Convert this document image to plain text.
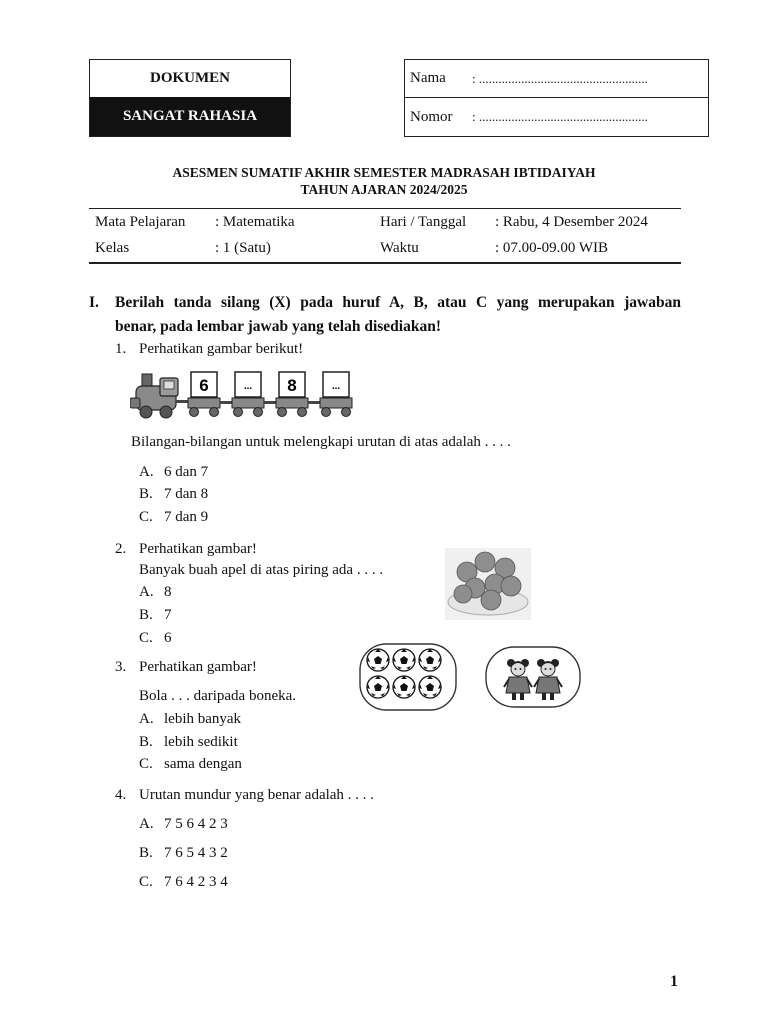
DOKUMEN
SANGAT RAHASIA
Nama	: ....................................................
Nomor	: ....................................................
ASESMEN SUMATIF AKHIR SEMESTER MADRASAH IBTIDAIYAH
TAHUN AJARAN 2024/2025
Mata Pelajaran : Matematika	Hari / Tanggal : Rabu, 4 Desember 2024
Kelas	: 1 (Satu)	Waktu	: 07.00-09.00 WIB
I. Berilah tanda silang (X) pada huruf A, B, atau C yang merupakan jawaban
benar, pada lembar jawab yang telah disediakan!
1. Perhatikan gambar berikut!
6	... 8	...
Bilangan-bilangan untuk melengkapi urutan di atas adalah . . . .
A. 6 dan 7
B. 7 dan 8
C. 7 dan 9
2. Perhatikan gambar!
Banyak buah apel di atas piring ada . . . .
A. 8
B. 7
C. 6
3. Perhatikan gambar!
Bola . . . daripada boneka.
A. lebih banyak
B. lebih sedikit
C. sama dengan
4. Urutan mundur yang benar adalah . . . .
A. 7 5 6 4 2 3
B. 7 6 5 4 3 2
C. 7 6 4 2 3 4
1
